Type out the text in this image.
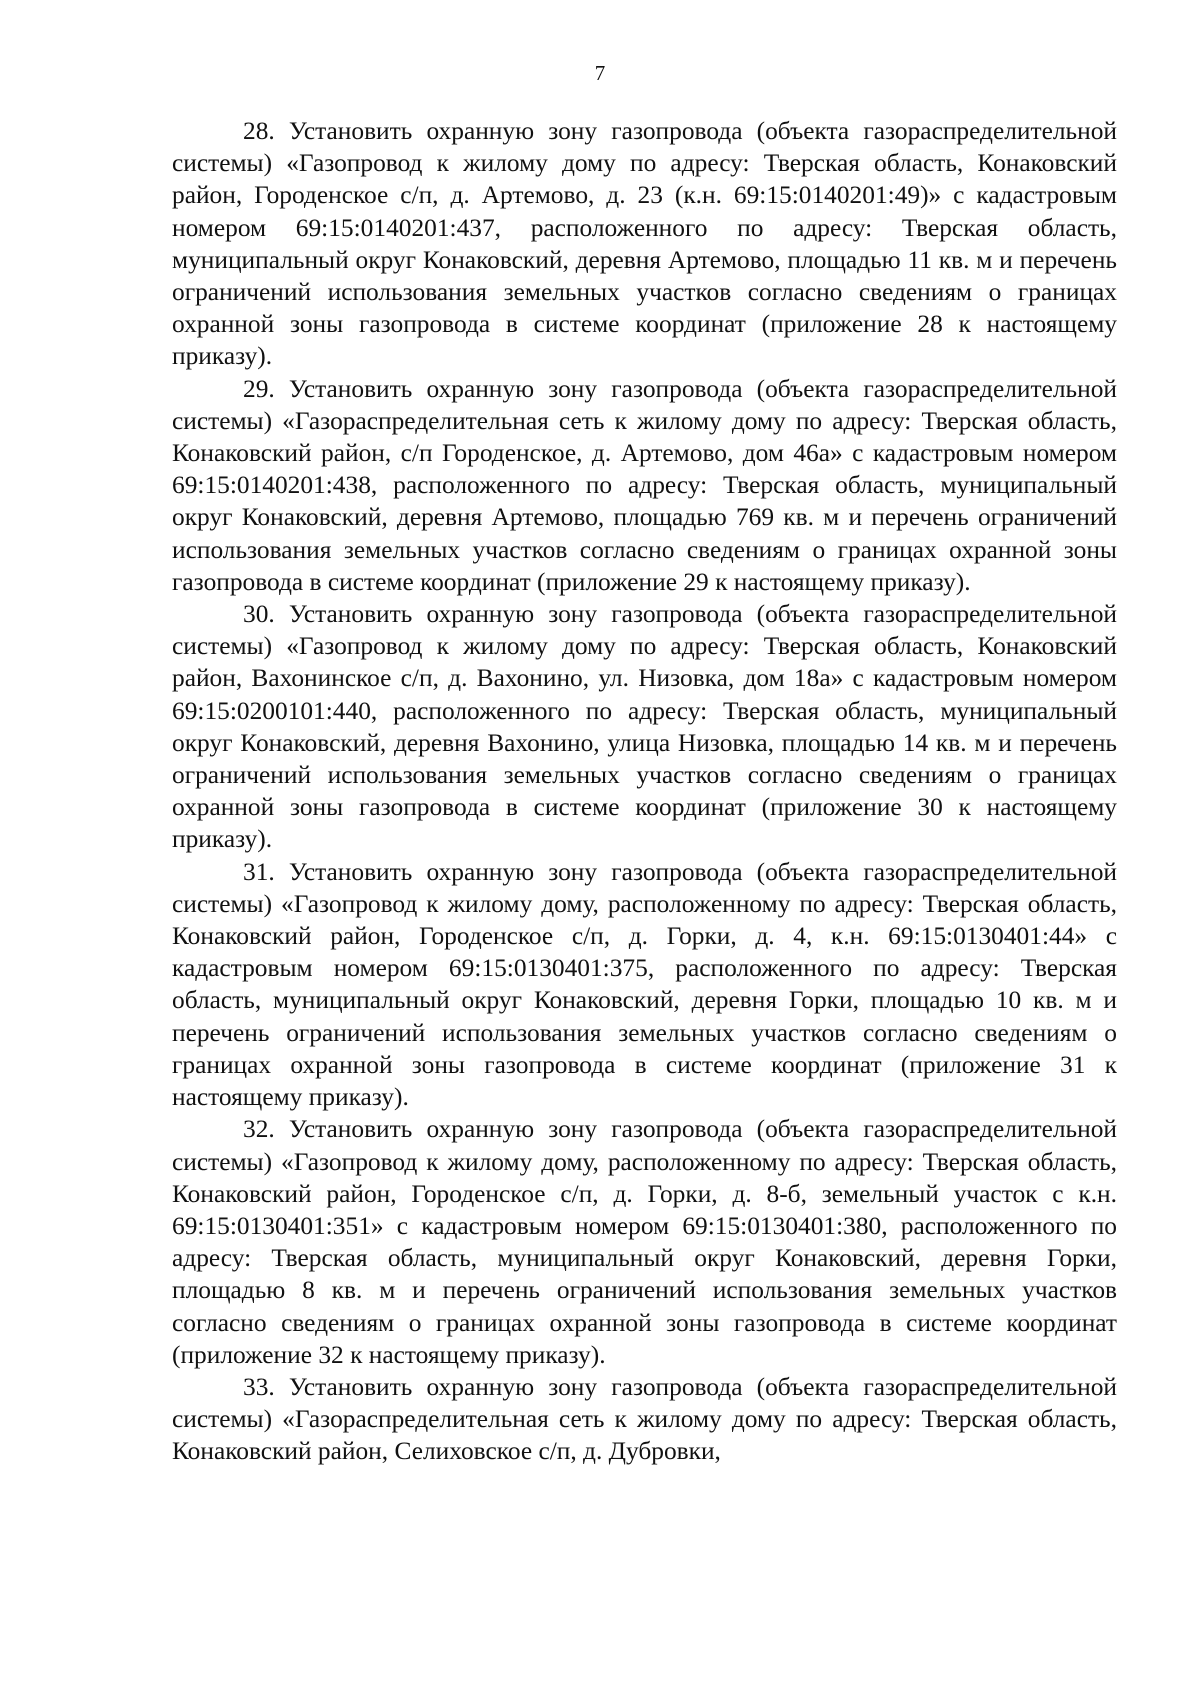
7

28. Установить охранную зону газопровода (объекта газораспределительной системы) «Газопровод к жилому дому по адресу: Тверская область, Конаковский район, Городенское с/п, д. Артемово, д. 23 (к.н. 69:15:0140201:49)» с кадастровым номером 69:15:0140201:437, расположенного по адресу: Тверская область, муниципальный округ Конаковский, деревня Артемово, площадью 11 кв. м и перечень ограничений использования земельных участков согласно сведениям о границах охранной зоны газопровода в системе координат (приложение 28 к настоящему приказу).

29. Установить охранную зону газопровода (объекта газораспределительной системы) «Газораспределительная сеть к жилому дому по адресу: Тверская область, Конаковский район, с/п Городенское, д. Артемово, дом 46а» с кадастровым номером 69:15:0140201:438, расположенного по адресу: Тверская область, муниципальный округ Конаковский, деревня Артемово, площадью 769 кв. м и перечень ограничений использования земельных участков согласно сведениям о границах охранной зоны газопровода в системе координат (приложение 29 к настоящему приказу).

30. Установить охранную зону газопровода (объекта газораспределительной системы) «Газопровод к жилому дому по адресу: Тверская область, Конаковский район, Вахонинское с/п, д. Вахонино, ул. Низовка, дом 18а» с кадастровым номером 69:15:0200101:440, расположенного по адресу: Тверская область, муниципальный округ Конаковский, деревня Вахонино, улица Низовка, площадью 14 кв. м и перечень ограничений использования земельных участков согласно сведениям о границах охранной зоны газопровода в системе координат (приложение 30 к настоящему приказу).

31. Установить охранную зону газопровода (объекта газораспределительной системы) «Газопровод к жилому дому, расположенному по адресу: Тверская область, Конаковский район, Городенское с/п, д. Горки, д. 4, к.н. 69:15:0130401:44» с кадастровым номером 69:15:0130401:375, расположенного по адресу: Тверская область, муниципальный округ Конаковский, деревня Горки, площадью 10 кв. м и перечень ограничений использования земельных участков согласно сведениям о границах охранной зоны газопровода в системе координат (приложение 31 к настоящему приказу).

32. Установить охранную зону газопровода (объекта газораспределительной системы) «Газопровод к жилому дому, расположенному по адресу: Тверская область, Конаковский район, Городенское с/п, д. Горки, д. 8-б, земельный участок с к.н. 69:15:0130401:351» с кадастровым номером 69:15:0130401:380, расположенного по адресу: Тверская область, муниципальный округ Конаковский, деревня Горки, площадью 8 кв. м и перечень ограничений использования земельных участков согласно сведениям о границах охранной зоны газопровода в системе координат (приложение 32 к настоящему приказу).

33. Установить охранную зону газопровода (объекта газораспределительной системы) «Газораспределительная сеть к жилому дому по адресу: Тверская область, Конаковский район, Селиховское с/п, д. Дубровки,
